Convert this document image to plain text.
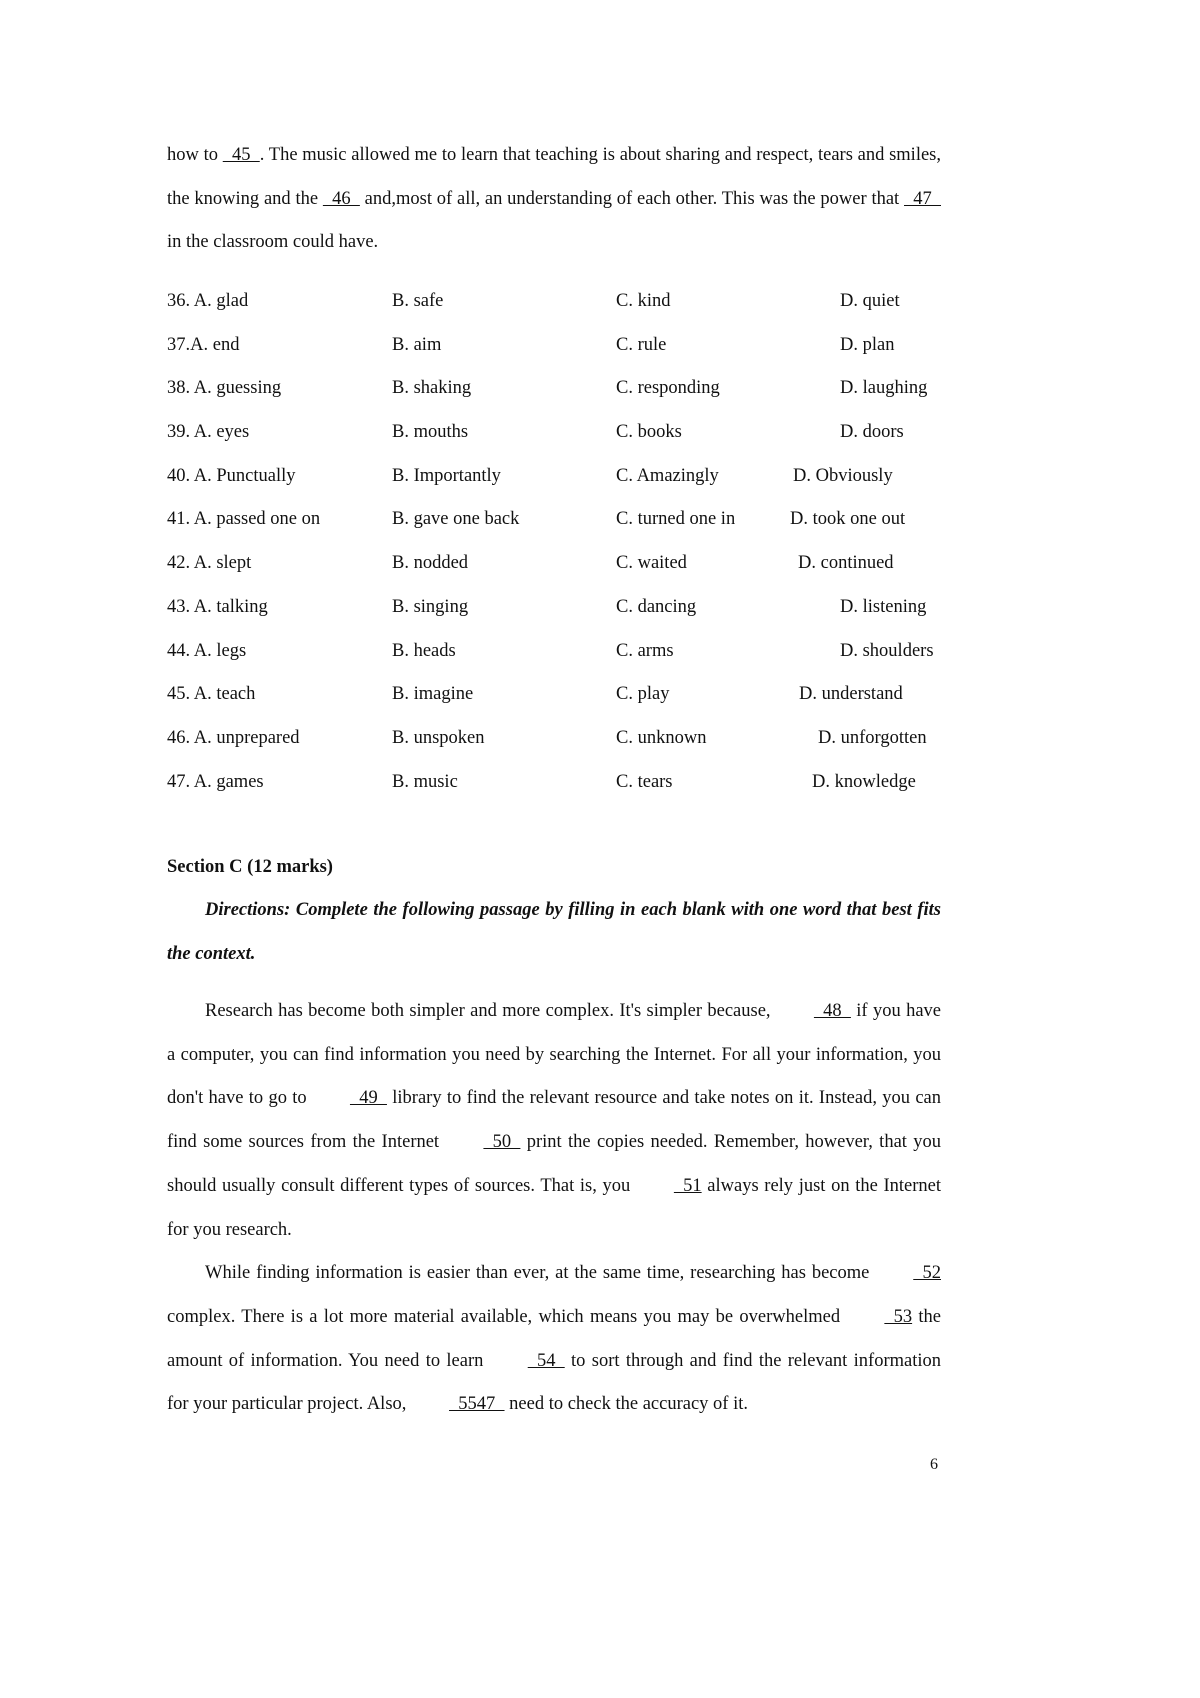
how to   45  . The music allowed me to learn that teaching is about sharing and respect, tears and smiles, the knowing and the   46   and,most of all, an understanding of each other. This was the power that   47   in the classroom could have.
36. A. glad	B. safe	C. kind	D. quiet
37.A. end	B. aim	C. rule	D. plan
38. A. guessing	B. shaking	C. responding	D. laughing
39. A. eyes	B. mouths	C. books	D. doors
40. A. Punctually	B. Importantly	C. Amazingly	D. Obviously
41. A. passed one on	B. gave one back	C. turned one in	D. took one out
42. A. slept	B. nodded	C. waited	D. continued
43. A. talking	B. singing	C. dancing	D. listening
44. A. legs	B. heads	C. arms	D. shoulders
45. A. teach	B. imagine	C. play	D. understand
46. A. unprepared	B. unspoken	C. unknown	D. unforgotten
47. A. games	B. music	C. tears	D. knowledge
Section C (12 marks)
Directions: Complete the following passage by filling in each blank with one word that best fits the context.

Research has become both simpler and more complex. It's simpler because,   48   if you have a computer, you can find information you need by searching the Internet. For all your information, you don't have to go to   49   library to find the relevant resource and take notes on it. Instead, you can find some sources from the Internet   50   print the copies needed. Remember, however, that you should usually consult different types of sources. That is, you   51 always rely just on the Internet for you research.

While finding information is easier than ever, at the same time, researching has become   52 complex. There is a lot more material available, which means you may be overwhelmed   53 the amount of information. You need to learn   54   to sort through and find the relevant information for your particular project. Also,   5547   need to check the accuracy of it.

6
